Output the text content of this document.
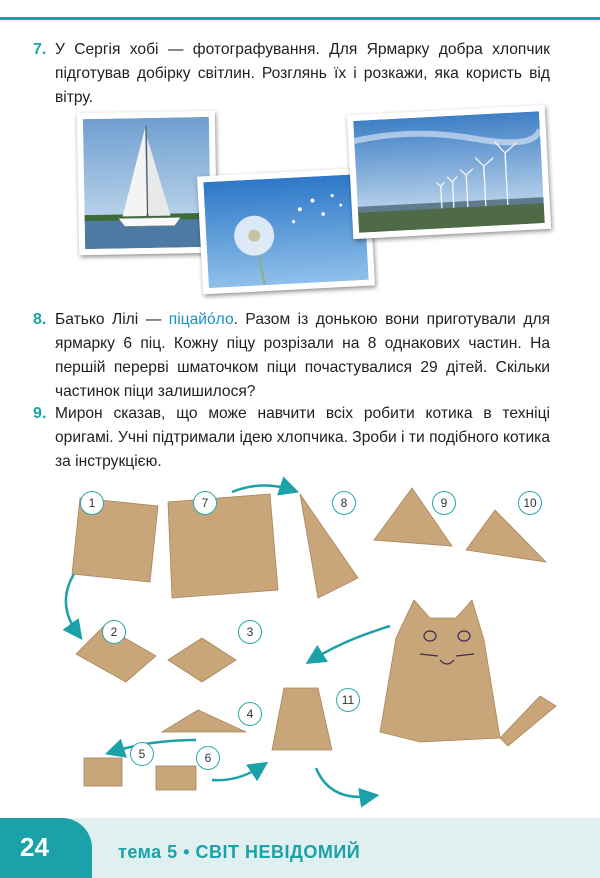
7. У Сергія хобі — фотографування. Для Ярмарку добра хлопчик підготував добірку світлин. Розглянь їх і розкажи, яка користь від вітру.
8. Батько Лілі — піцайо́ло. Разом із донькою вони приготували для ярмарку 6 піц. Кожну піцу розрізали на 8 однакових частин. На першій перерві шматочком піци почастувалися 29 дітей. Скільки частинок піци залишилося?
9. Мирон сказав, що може навчити всіх робити котика в техніці оригамі. Учні підтримали ідею хлопчика. Зроби і ти подібного котика за інструкцією.
1	7	8	9	10
2	3
4
5	6
11
24	тема 5 • СВІТ НЕВІДОМИЙ
